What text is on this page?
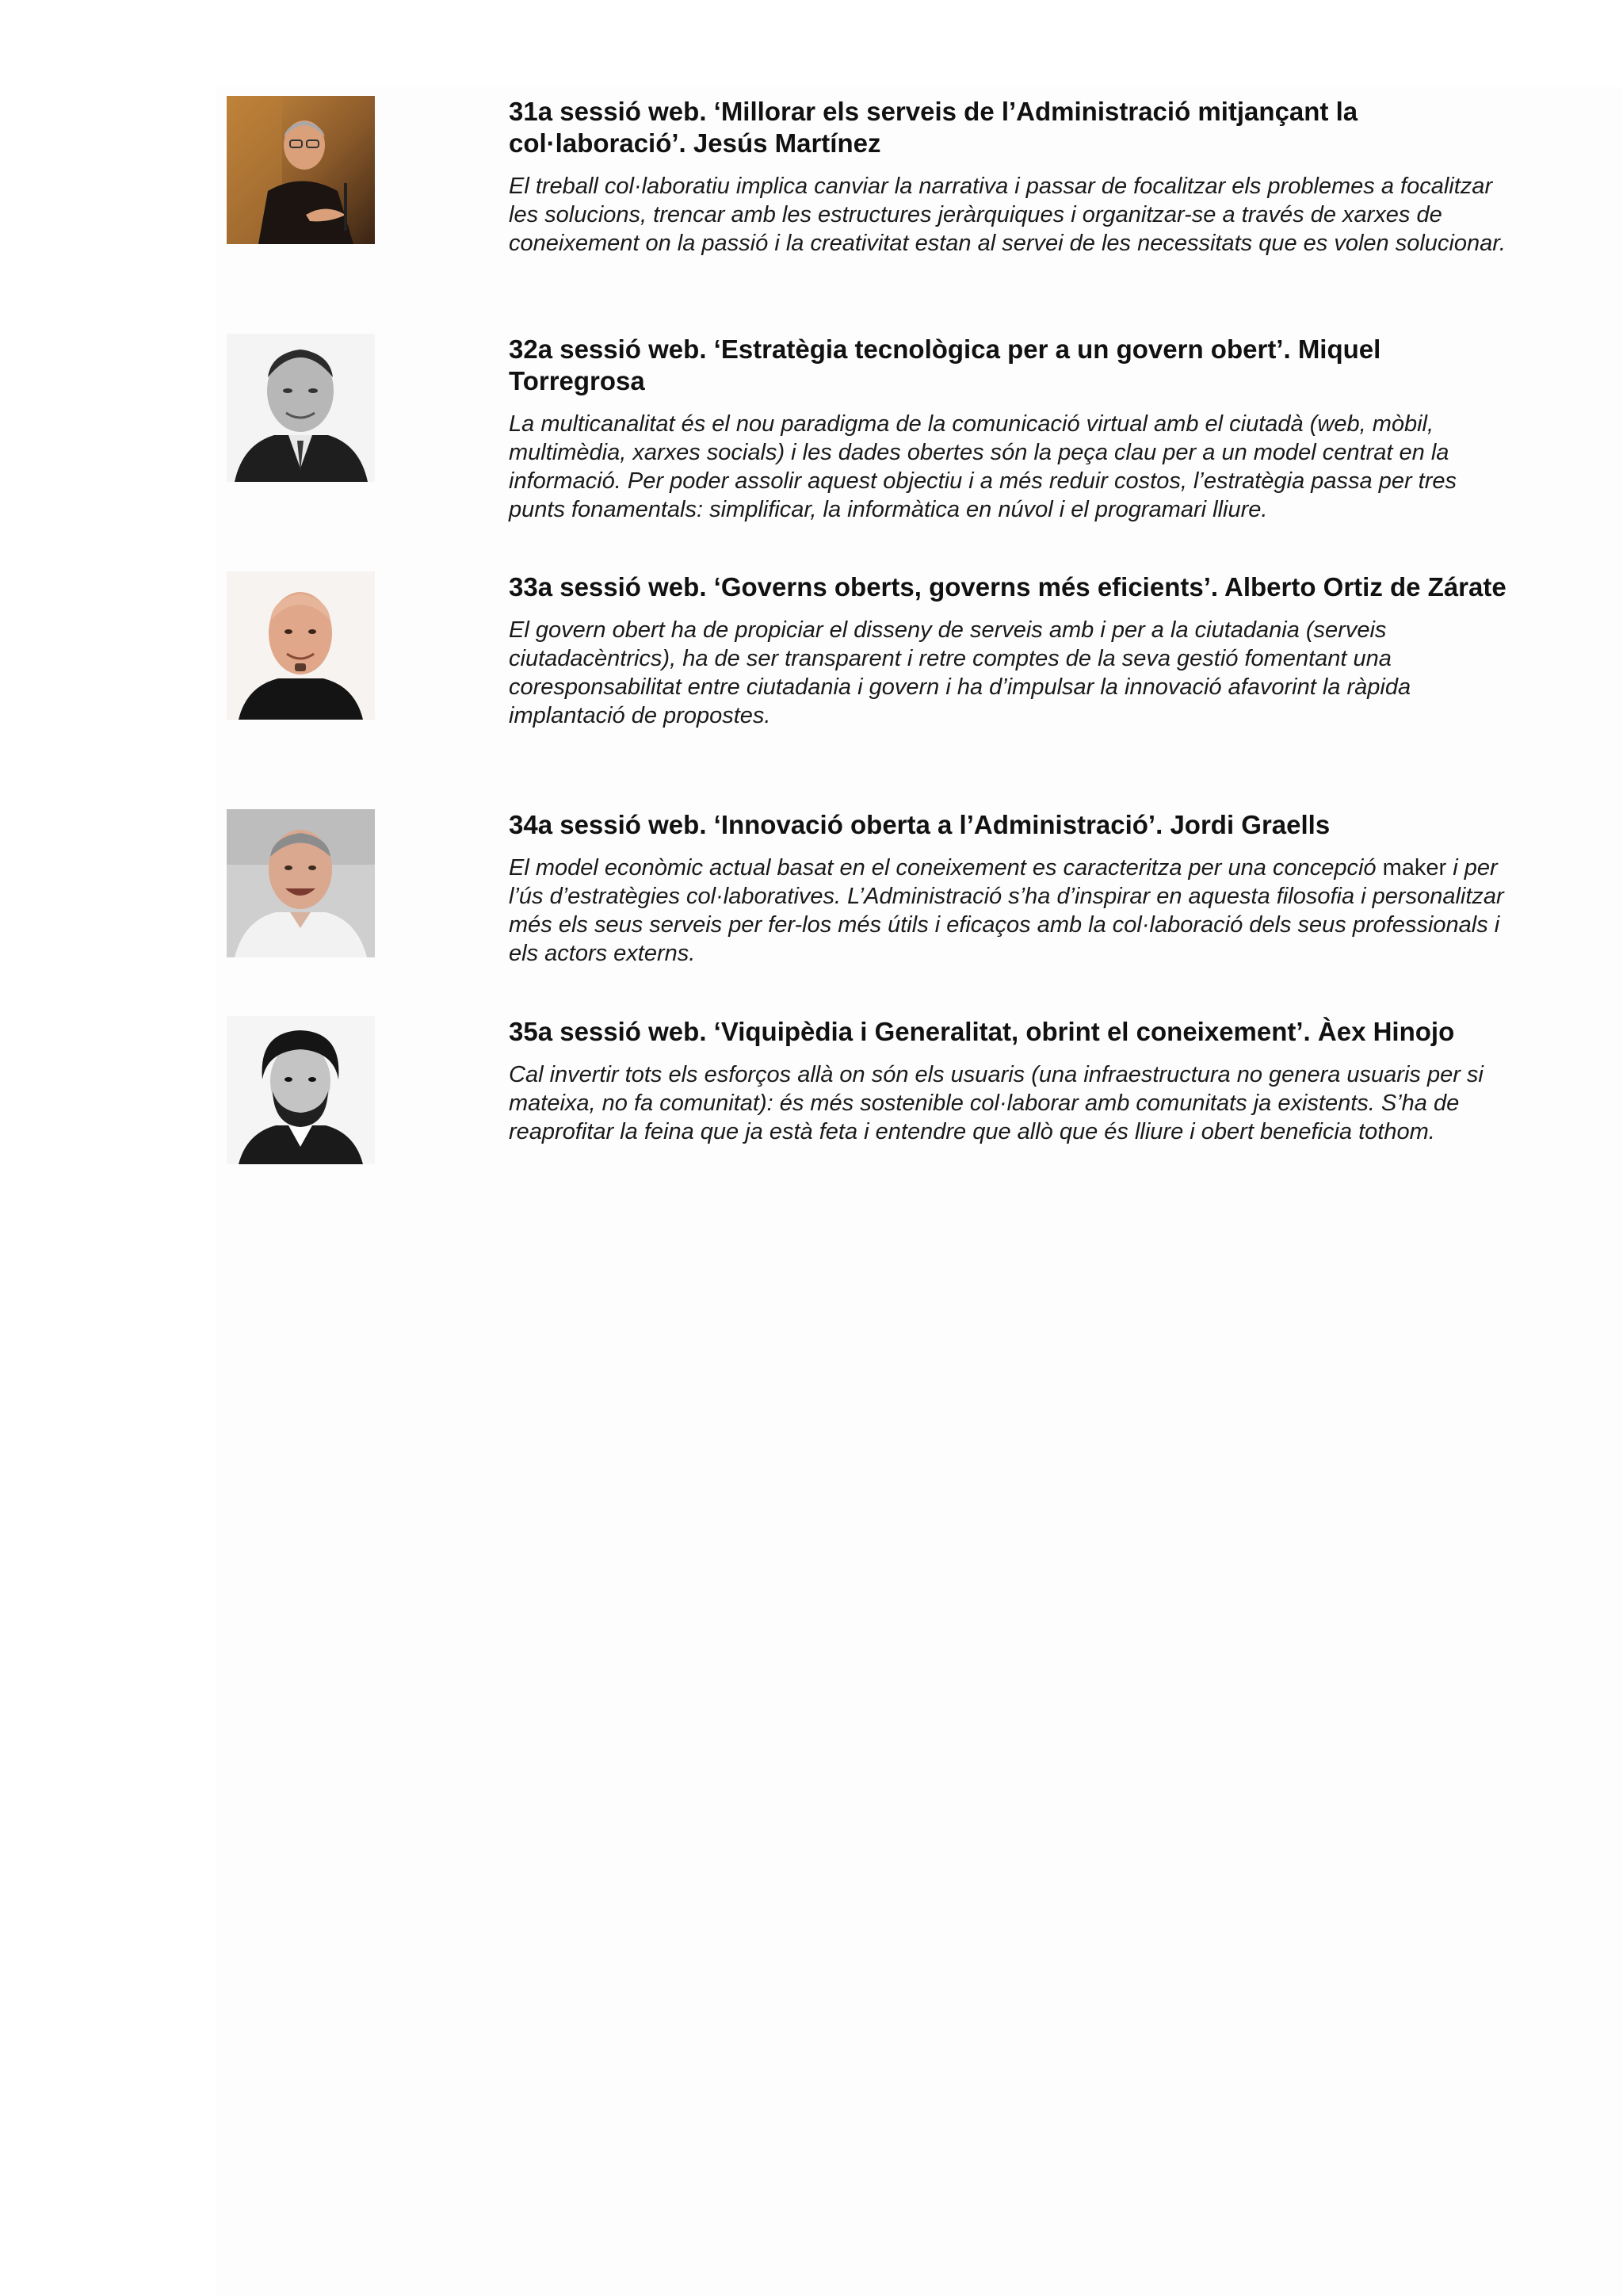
31a sessió web. ‘Millorar els serveis de l’Administració mitjançant la col·laboració’. Jesús Martínez

El treball col·laboratiu implica canviar la narrativa i passar de focalitzar els problemes a focalitzar les solucions, trencar amb les estructures jeràrquiques i organitzar-se a través de xarxes de coneixement on la passió i la creativitat estan al servei de les necessitats que es volen solucionar.

32a sessió web. ‘Estratègia tecnològica per a un govern obert’. Miquel Torregrosa

La multicanalitat és el nou paradigma de la comunicació virtual amb el ciutadà (web, mòbil, multimèdia, xarxes socials) i les dades obertes són la peça clau per a un model centrat en la informació. Per poder assolir aquest objectiu i a més reduir costos, l’estratègia passa per tres punts fonamentals: simplificar, la informàtica en núvol i el programari lliure.

33a sessió web. ‘Governs oberts, governs més eficients’. Alberto Ortiz de Zárate

El govern obert ha de propiciar el disseny de serveis amb i per a la ciutadania (serveis ciutadacèntrics), ha de ser transparent i retre comptes de la seva gestió fomentant una coresponsabilitat entre ciutadania i govern i ha d’impulsar la innovació afavorint la ràpida implantació de propostes.

34a sessió web. ‘Innovació oberta a l’Administració’. Jordi Graells

El model econòmic actual basat en el coneixement es caracteritza per una concepció maker i per l’ús d’estratègies col·laboratives. L’Administració s’ha d’inspirar en aquesta filosofia i personalitzar més els seus serveis per fer-los més útils i eficaços amb la col·laboració dels seus professionals i els actors externs.

35a sessió web. ‘Viquipèdia i Generalitat, obrint el coneixement’. Àex Hinojo

Cal invertir tots els esforços allà on són els usuaris (una infraestructura no genera usuaris per si mateixa, no fa comunitat): és més sostenible col·laborar amb comunitats ja existents. S’ha de reaprofitar la feina que ja està feta i entendre que allò que és lliure i obert beneficia tothom.
